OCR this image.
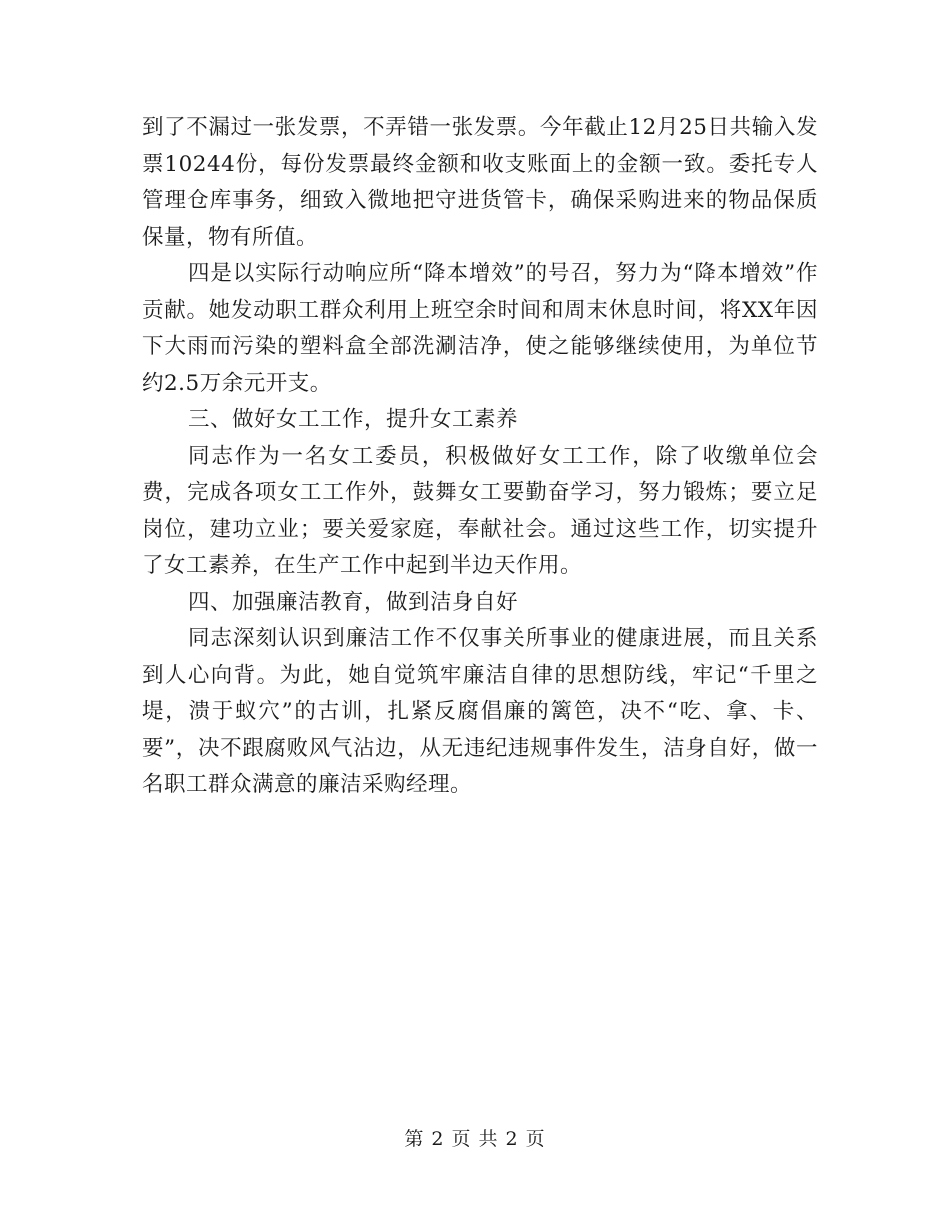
到了不漏过一张发票，不弄错一张发票。今年截止12月25日共输入发票10244份，每份发票最终金额和收支账面上的金额一致。委托专人管理仓库事务，细致入微地把守进货管卡，确保采购进来的物品保质保量，物有所值。

四是以实际行动响应所“降本增效”的号召，努力为“降本增效”作贡献。她发动职工群众利用上班空余时间和周末休息时间，将XX年因下大雨而污染的塑料盒全部洗涮洁净，使之能够继续使用，为单位节约2.5万余元开支。

三、做好女工工作，提升女工素养

同志作为一名女工委员，积极做好女工工作，除了收缴单位会费，完成各项女工工作外，鼓舞女工要勤奋学习，努力锻炼；要立足岗位，建功立业；要关爱家庭，奉献社会。通过这些工作，切实提升了女工素养，在生产工作中起到半边天作用。

四、加强廉洁教育，做到洁身自好

同志深刻认识到廉洁工作不仅事关所事业的健康进展，而且关系到人心向背。为此，她自觉筑牢廉洁自律的思想防线，牢记“千里之堤，溃于蚁穴”的古训，扎紧反腐倡廉的篱笆，决不“吃、拿、卡、要”，决不跟腐败风气沾边，从无违纪违规事件发生，洁身自好，做一名职工群众满意的廉洁采购经理。

第 2 页 共 2 页
